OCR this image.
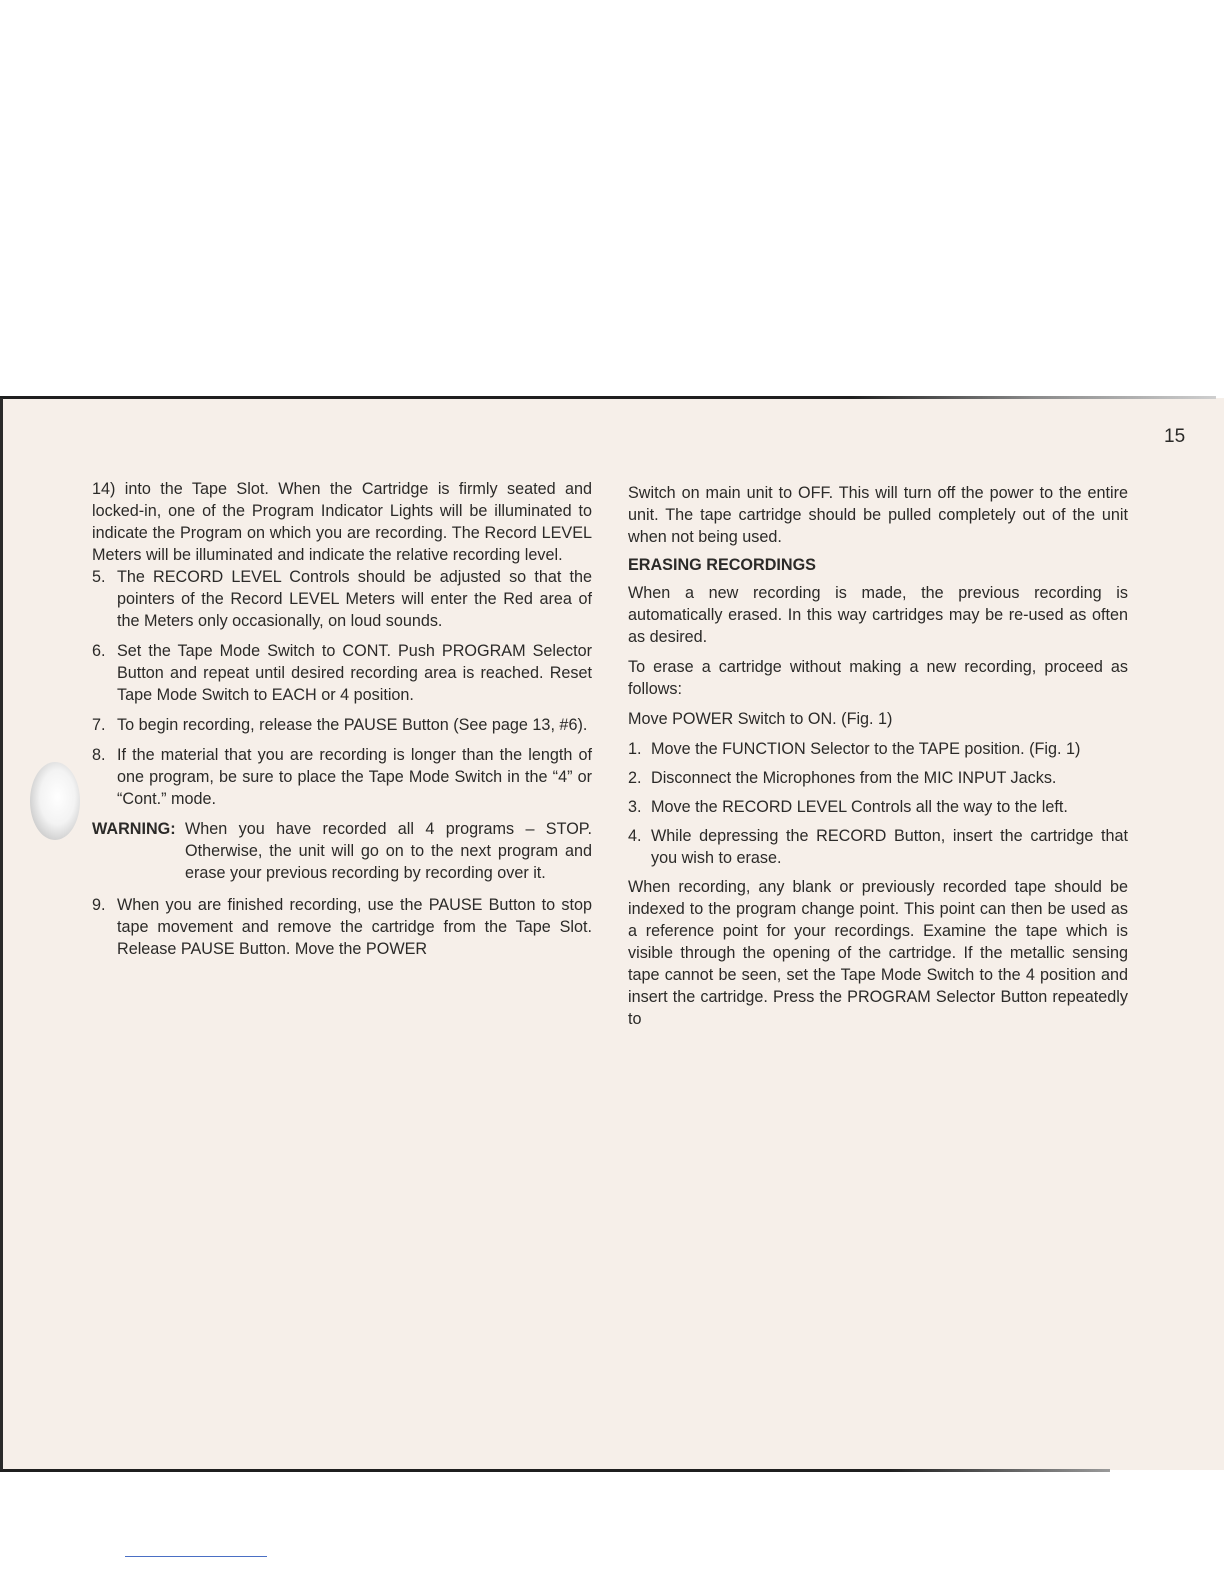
15

14) into the Tape Slot. When the Cartridge is firmly seated and locked-in, one of the Program Indicator Lights will be illuminated to indicate the Program on which you are recording. The Record LEVEL Meters will be illuminated and indicate the relative recording level.

5. The RECORD LEVEL Controls should be adjusted so that the pointers of the Record LEVEL Meters will enter the Red area of the Meters only occasionally, on loud sounds.
6. Set the Tape Mode Switch to CONT. Push PROGRAM Selector Button and repeat until desired recording area is reached. Reset Tape Mode Switch to EACH or 4 position.
7. To begin recording, release the PAUSE Button (See page 13, #6).
8. If the material that you are recording is longer than the length of one program, be sure to place the Tape Mode Switch in the “4” or “Cont.” mode.
WARNING: When you have recorded all 4 programs – STOP. Otherwise, the unit will go on to the next program and erase your previous recording by recording over it.
9. When you are finished recording, use the PAUSE Button to stop tape movement and remove the cartridge from the Tape Slot. Release PAUSE Button. Move the POWER

Switch on main unit to OFF. This will turn off the power to the entire unit. The tape cartridge should be pulled completely out of the unit when not being used.

ERASING RECORDINGS

When a new recording is made, the previous recording is automatically erased. In this way cartridges may be re-used as often as desired.

To erase a cartridge without making a new recording, proceed as follows:

Move POWER Switch to ON. (Fig. 1)

1. Move the FUNCTION Selector to the TAPE position. (Fig. 1)
2. Disconnect the Microphones from the MIC INPUT Jacks.
3. Move the RECORD LEVEL Controls all the way to the left.
4. While depressing the RECORD Button, insert the cartridge that you wish to erase.

When recording, any blank or previously recorded tape should be indexed to the program change point. This point can then be used as a reference point for your recordings. Examine the tape which is visible through the opening of the cartridge. If the metallic sensing tape cannot be seen, set the Tape Mode Switch to the 4 position and insert the cartridge. Press the PROGRAM Selector Button repeatedly to
